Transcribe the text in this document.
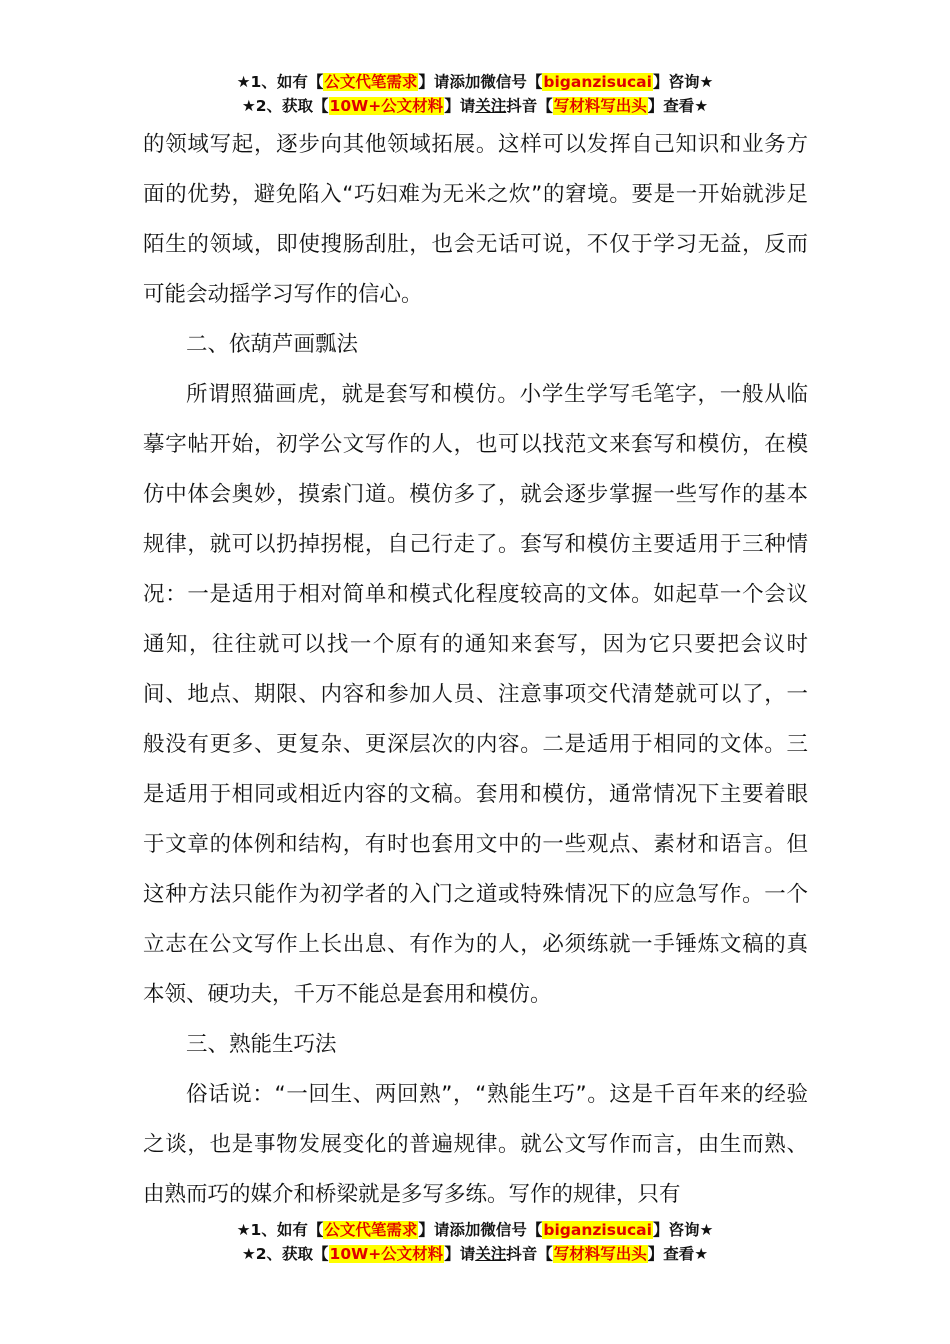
★1、如有【公文代笔需求】请添加微信号【biganzisucai】咨询★
★2、获取【10W+公文材料】请关注抖音【写材料写出头】查看★

的领域写起，逐步向其他领域拓展。这样可以发挥自己知识和业务方面的优势，避免陷入“巧妇难为无米之炊”的窘境。要是一开始就涉足陌生的领域，即使搜肠刮肚，也会无话可说，不仅于学习无益，反而可能会动摇学习写作的信心。

二、依葫芦画瓢法

所谓照猫画虎，就是套写和模仿。小学生学写毛笔字，一般从临摹字帖开始，初学公文写作的人，也可以找范文来套写和模仿，在模仿中体会奥妙，摸索门道。模仿多了，就会逐步掌握一些写作的基本规律，就可以扔掉拐棍，自己行走了。套写和模仿主要适用于三种情况：一是适用于相对简单和模式化程度较高的文体。如起草一个会议通知，往往就可以找一个原有的通知来套写，因为它只要把会议时间、地点、期限、内容和参加人员、注意事项交代清楚就可以了，一般没有更多、更复杂、更深层次的内容。二是适用于相同的文体。三是适用于相同或相近内容的文稿。套用和模仿，通常情况下主要着眼于文章的体例和结构，有时也套用文中的一些观点、素材和语言。但这种方法只能作为初学者的入门之道或特殊情况下的应急写作。一个立志在公文写作上长出息、有作为的人，必须练就一手锤炼文稿的真本领、硬功夫，千万不能总是套用和模仿。

三、熟能生巧法

俗话说：“一回生、两回熟”，“熟能生巧”。这是千百年来的经验之谈，也是事物发展变化的普遍规律。就公文写作而言，由生而熟、由熟而巧的媒介和桥梁就是多写多练。写作的规律，只有

★1、如有【公文代笔需求】请添加微信号【biganzisucai】咨询★
★2、获取【10W+公文材料】请关注抖音【写材料写出头】查看★
